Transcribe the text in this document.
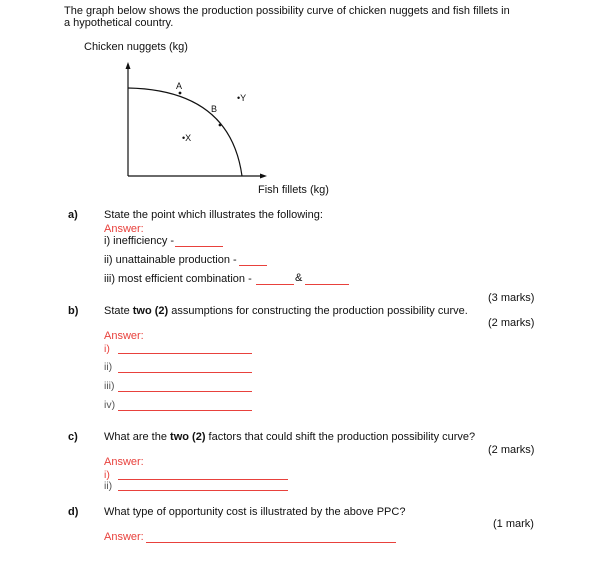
The graph below shows the production possibility curve of chicken nuggets and fish fillets in
a hypothetical country.
Chicken nuggets (kg)
A
B
•X
•Y
Fish fillets (kg)
a) State the point which illustrates the following:
Answer:
i) inefficiency -
ii) unattainable production -
iii) most efficient combination -	&
(3 marks)
b) State two (2) assumptions for constructing the production possibility curve.
(2 marks)
Answer:
i)
ii)
iii)
iv)
c) What are the two (2) factors that could shift the production possibility curve?
(2 marks)
Answer:
i)
ii)
d) What type of opportunity cost is illustrated by the above PPC?
(1 mark)
Answer:
